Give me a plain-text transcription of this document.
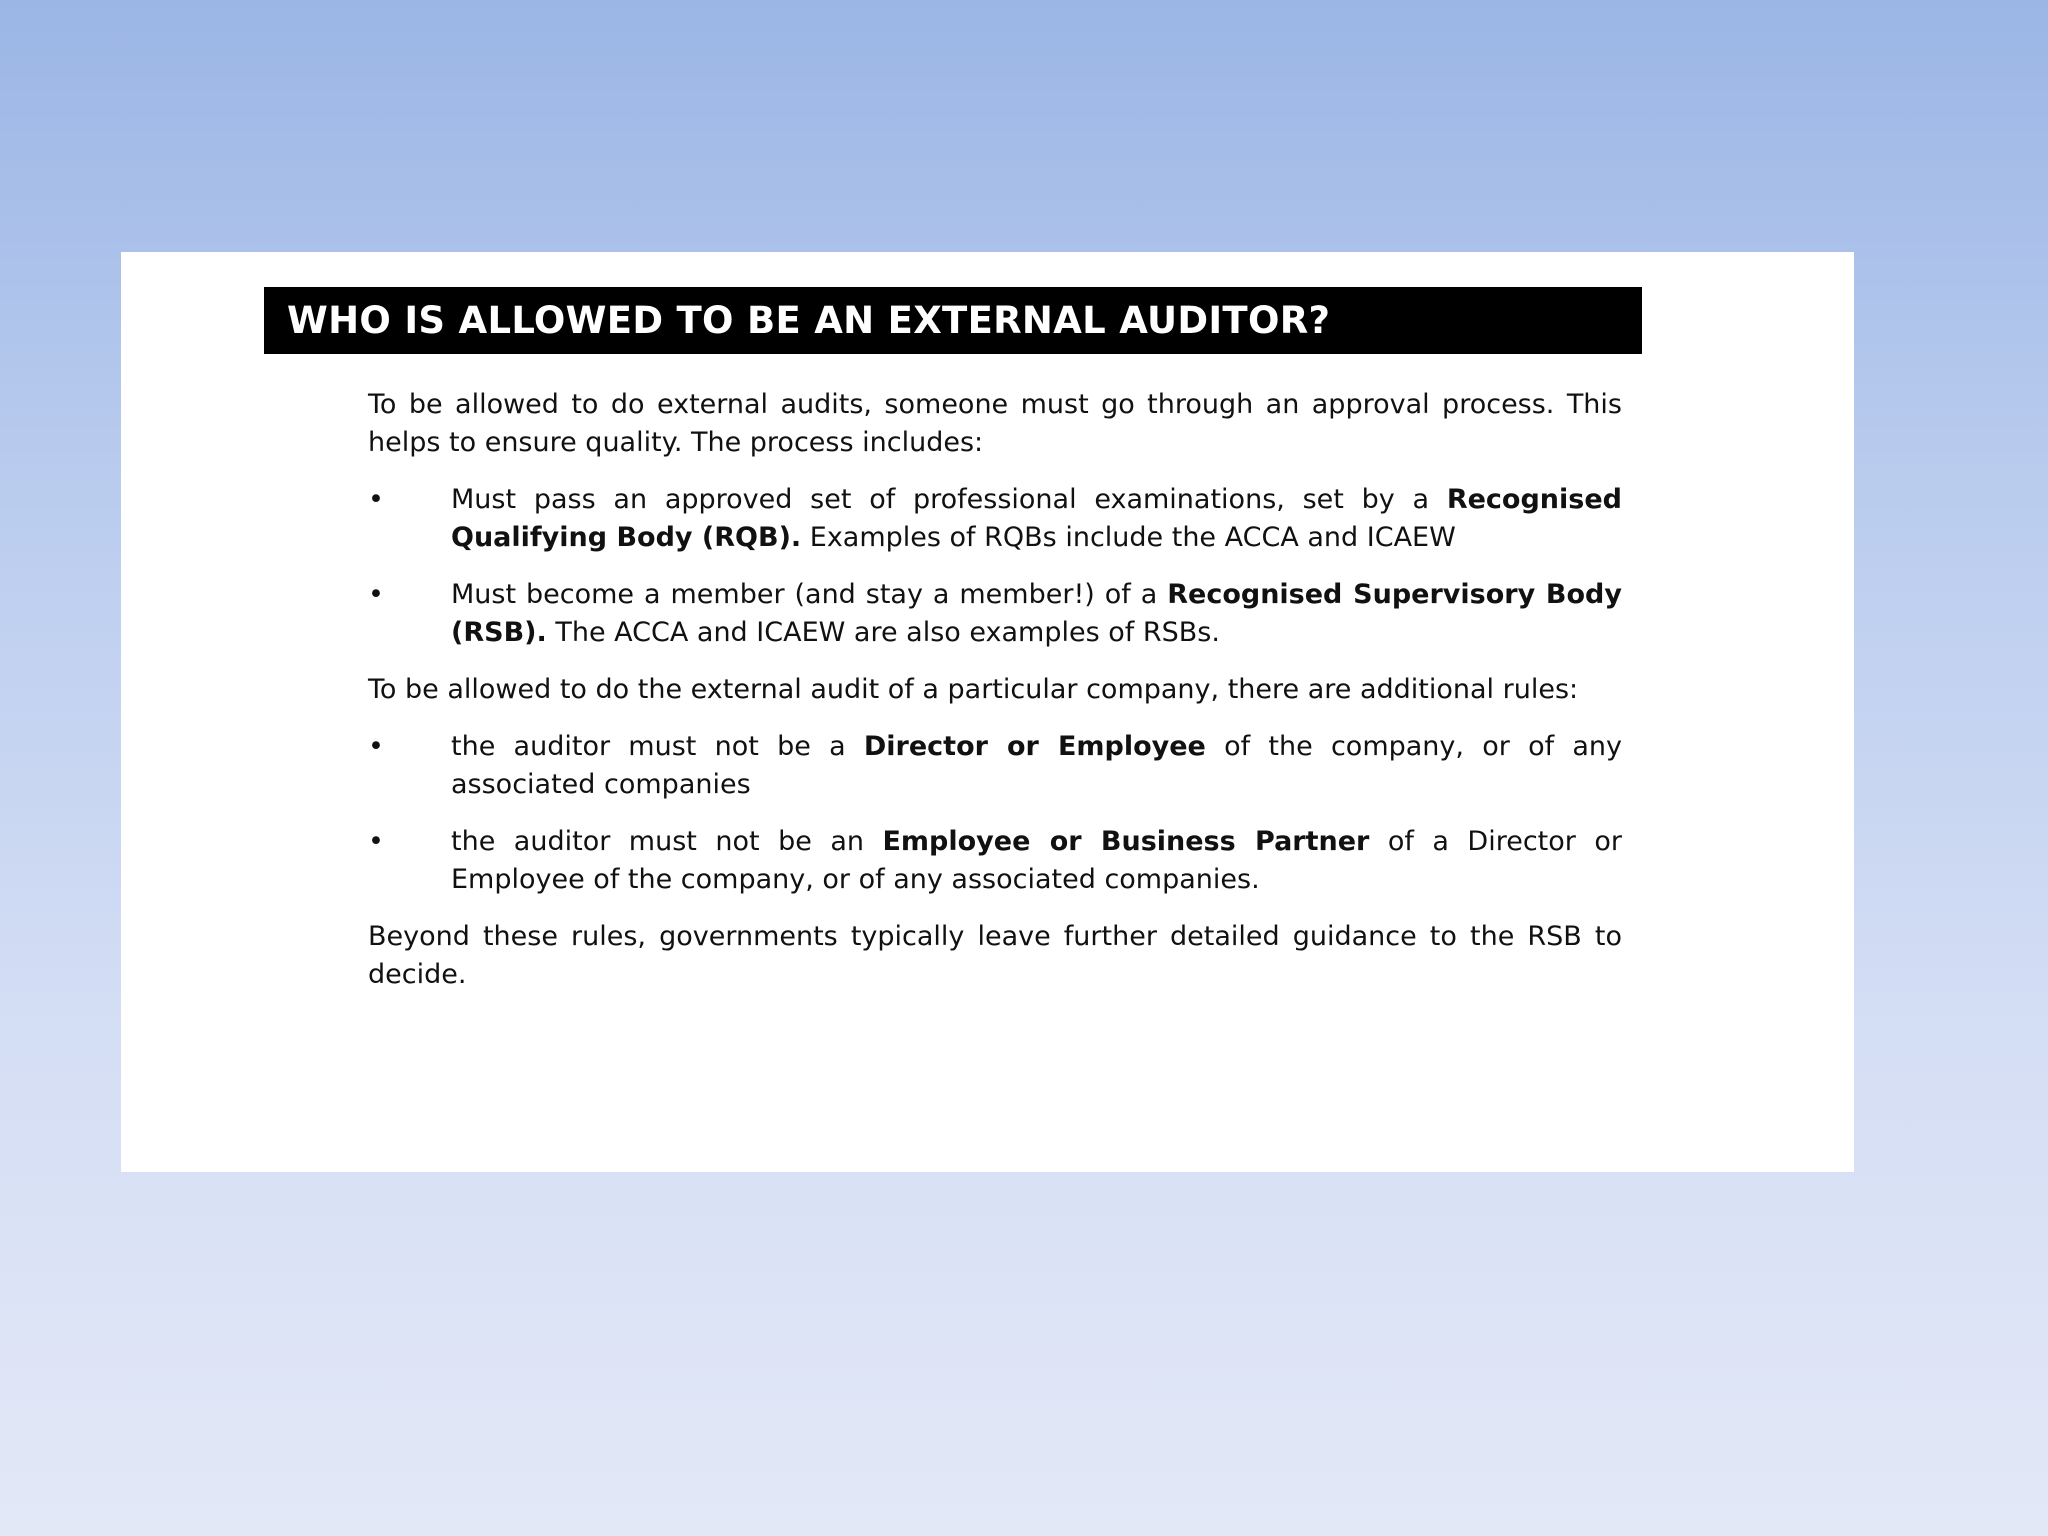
WHO IS ALLOWED TO BE AN EXTERNAL AUDITOR?

To be allowed to do external audits, someone must go through an approval process. This helps to ensure quality. The process includes:

•	Must pass an approved set of professional examinations, set by a Recognised Qualifying Body (RQB). Examples of RQBs include the ACCA and ICAEW
•	Must become a member (and stay a member!) of a Recognised Supervisory Body (RSB). The ACCA and ICAEW are also examples of RSBs.

To be allowed to do the external audit of a particular company, there are additional rules:

•	the auditor must not be a Director or Employee of the company, or of any associated companies
•	the auditor must not be an Employee or Business Partner of a Director or Employee of the company, or of any associated companies.

Beyond these rules, governments typically leave further detailed guidance to the RSB to decide.
